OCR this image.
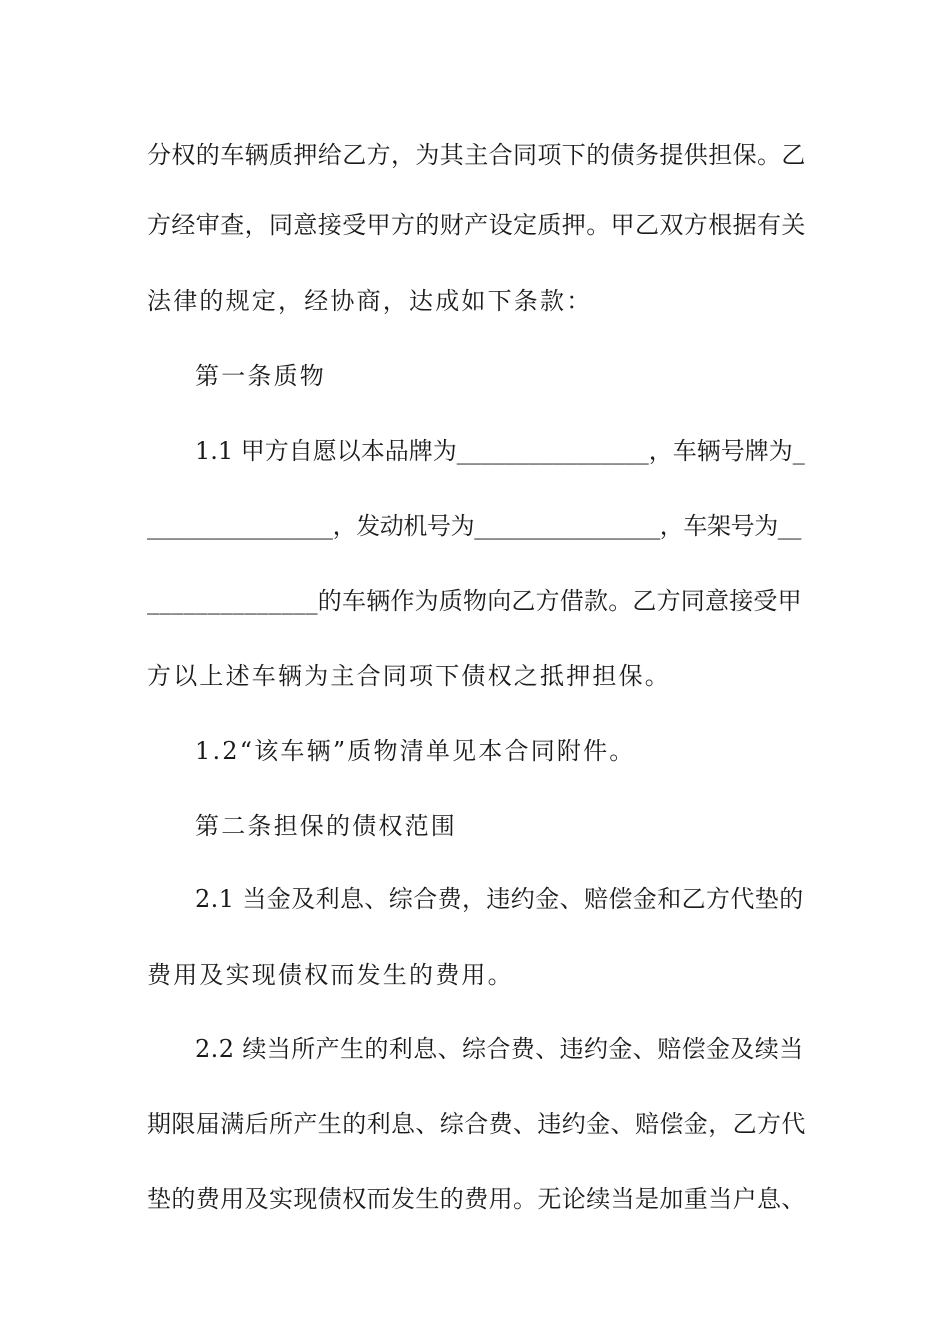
分权的车辆质押给乙方，为其主合同项下的债务提供担保。乙
方经审查，同意接受甲方的财产设定质押。甲乙双方根据有关
法律的规定，经协商，达成如下条款：
第一条质物
1.1 甲方自愿以本品牌为________________，车辆号牌为_
________________，发动机号为________________，车架号为__
______________的车辆作为质物向乙方借款。乙方同意接受甲
方以上述车辆为主合同项下债权之抵押担保。
1.2“该车辆”质物清单见本合同附件。
第二条担保的债权范围
2.1 当金及利息、综合费，违约金、赔偿金和乙方代垫的
费用及实现债权而发生的费用。
2.2 续当所产生的利息、综合费、违约金、赔偿金及续当
期限届满后所产生的利息、综合费、违约金、赔偿金，乙方代
垫的费用及实现债权而发生的费用。无论续当是加重当户息、
